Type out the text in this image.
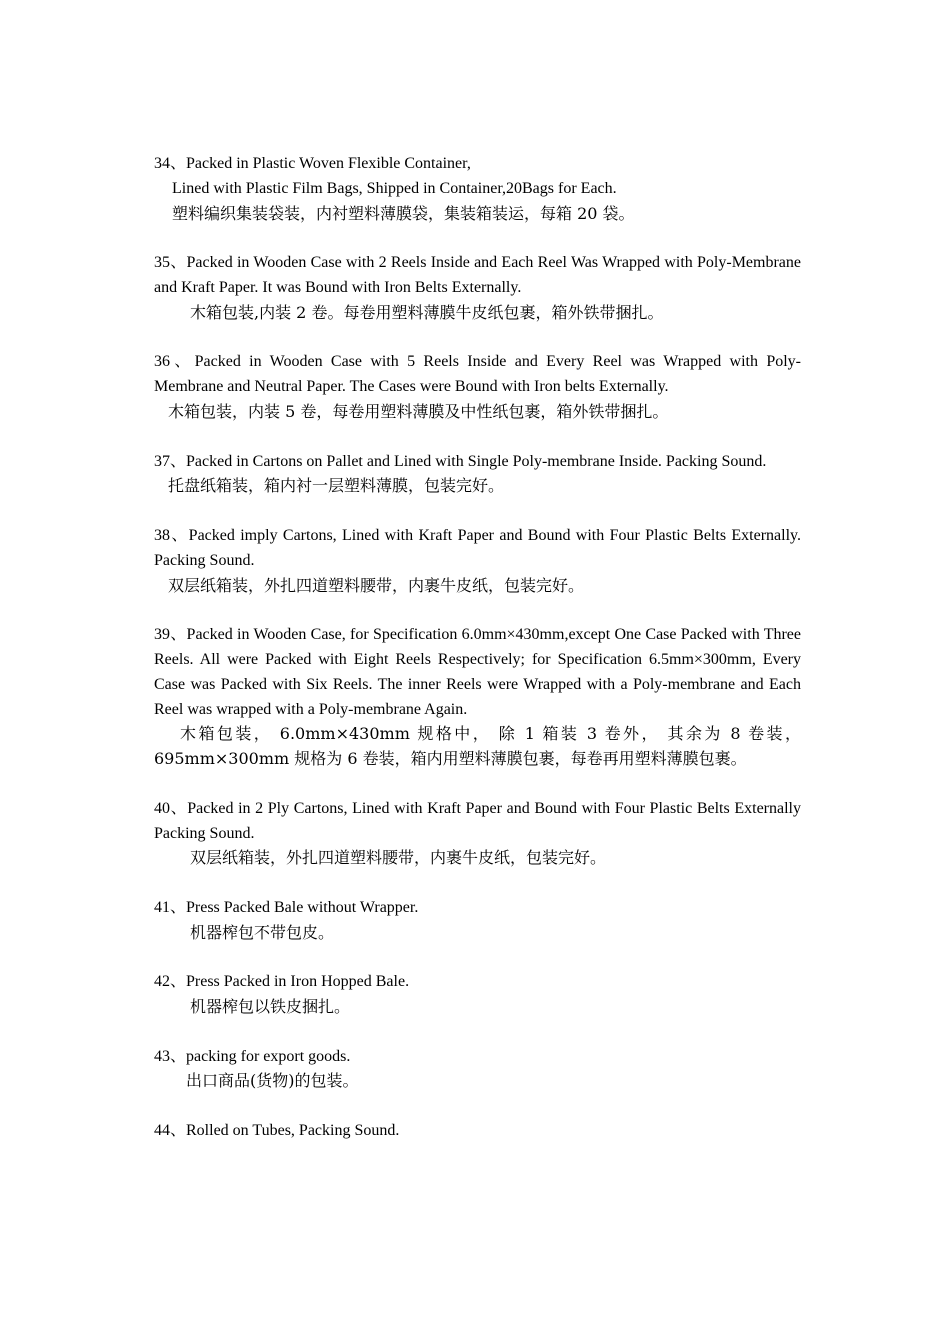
34、Packed in Plastic Woven Flexible Container,

Lined with Plastic Film Bags, Shipped in Container,20Bags for Each.

塑料编织集装袋装，内衬塑料薄膜袋，集装箱装运，每箱 20 袋。

35、Packed in Wooden Case with 2 Reels Inside and Each Reel Was Wrapped with Poly-Membrane and Kraft Paper. It was Bound with Iron Belts Externally.

木箱包装,内装 2 卷。每卷用塑料薄膜牛皮纸包裹，箱外铁带捆扎。

36、Packed in Wooden Case with 5 Reels Inside and Every Reel was Wrapped with Poly-Membrane and Neutral Paper. The Cases were Bound with Iron belts Externally.

木箱包装，内装 5 卷，每卷用塑料薄膜及中性纸包裹，箱外铁带捆扎。

37、Packed in Cartons on Pallet and Lined with Single Poly-membrane Inside. Packing Sound.

托盘纸箱装，箱内衬一层塑料薄膜，包装完好。

38、Packed imply Cartons, Lined with Kraft Paper and Bound with Four Plastic Belts Externally. Packing Sound.

双层纸箱装，外扎四道塑料腰带，内裹牛皮纸，包装完好。

39、Packed in Wooden Case, for Specification 6.0mm×430mm,except One Case Packed with Three Reels. All were Packed with Eight Reels Respectively; for Specification 6.5mm×300mm, Every Case was Packed with Six Reels. The inner Reels were Wrapped with a Poly-membrane and Each Reel was wrapped with a Poly-membrane Again.

木箱包装， 6.0mm×430mm 规格中， 除 1 箱装 3 卷外， 其余为 8 卷装，695mm×300mm 规格为 6 卷装，箱内用塑料薄膜包裹，每卷再用塑料薄膜包裹。

40、Packed in 2 Ply Cartons, Lined with Kraft Paper and Bound with Four Plastic Belts Externally Packing Sound.

双层纸箱装，外扎四道塑料腰带，内裹牛皮纸，包装完好。

41、Press Packed Bale without Wrapper.

机器榨包不带包皮。

42、Press Packed in Iron Hopped Bale.

机器榨包以铁皮捆扎。

43、packing for export goods.

出口商品(货物)的包装。

44、Rolled on Tubes, Packing Sound.
